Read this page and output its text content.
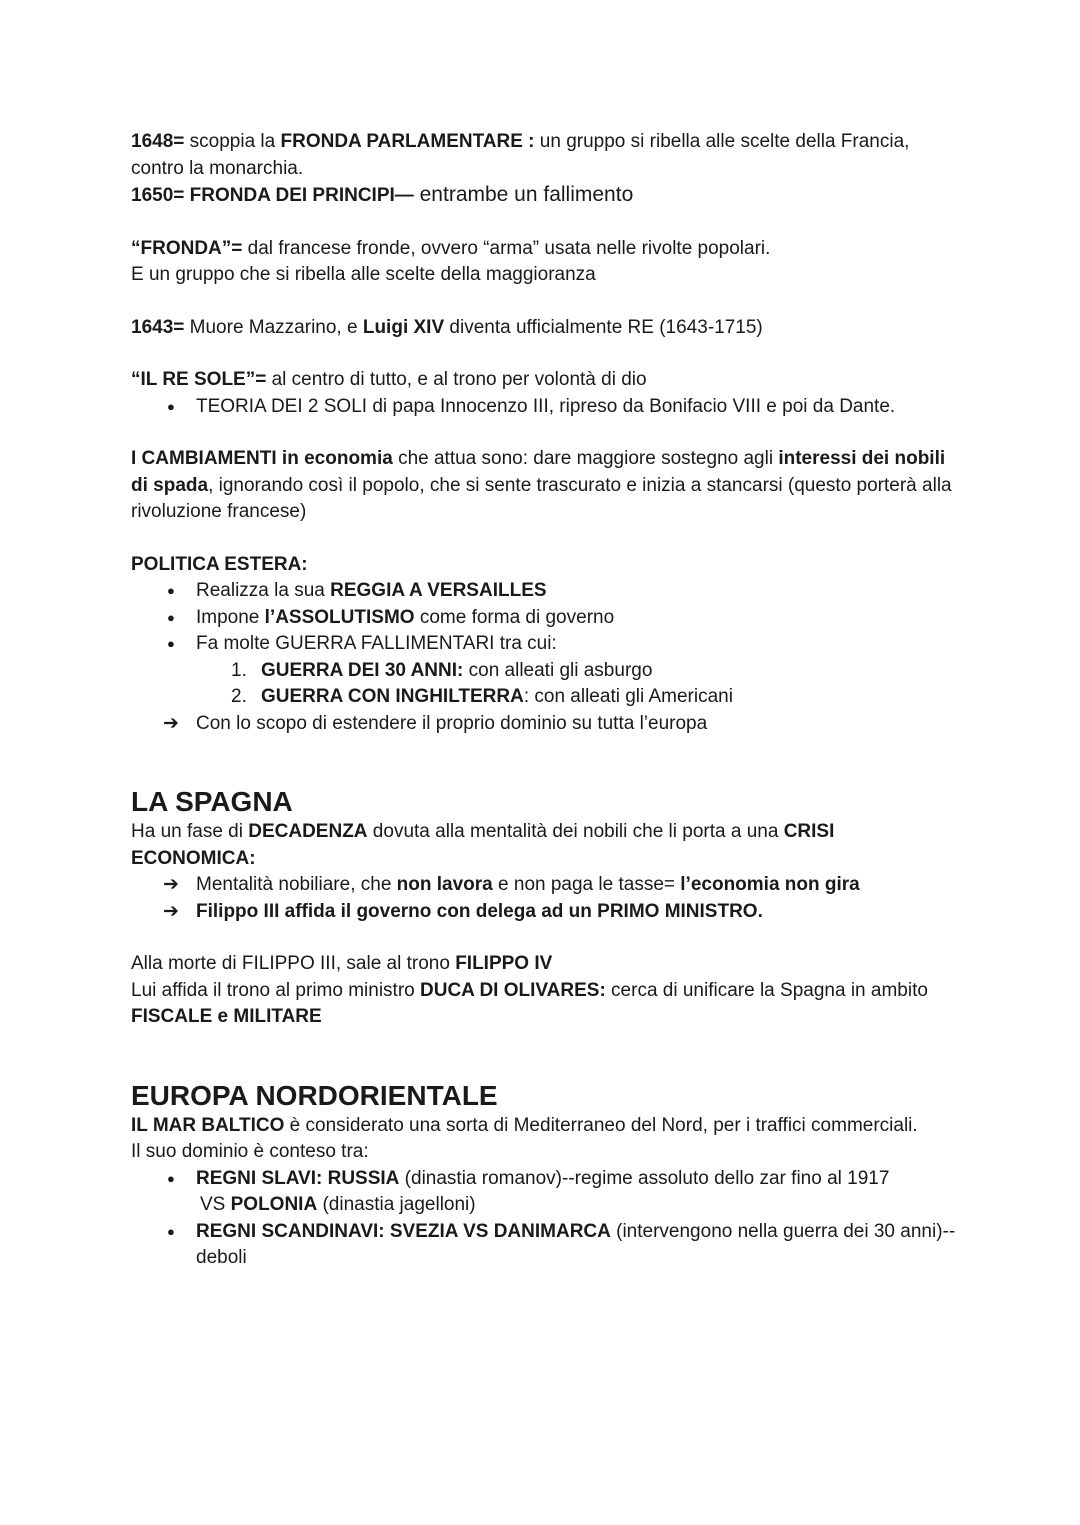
1648= scoppia la FRONDA PARLAMENTARE : un gruppo si ribella alle scelte della Francia,

contro la monarchia.

1650= FRONDA DEI PRINCIPI— entrambe un fallimento

“FRONDA”= dal francese fronde, ovvero “arma” usata nelle rivolte popolari.

E un gruppo che si ribella alle scelte della maggioranza

1643= Muore Mazzarino, e Luigi XIV diventa ufficialmente RE (1643-1715)

“IL RE SOLE”= al centro di tutto, e al trono per volontà di dio

● TEORIA DEI 2 SOLI di papa Innocenzo III, ripreso da Bonifacio VIII e poi da Dante.

I CAMBIAMENTI in economia che attua sono: dare maggiore sostegno agli interessi dei nobili di spada, ignorando così il popolo, che si sente trascurato e inizia a stancarsi (questo porterà alla rivoluzione francese)

POLITICA ESTERA:

● Realizza la sua REGGIA A VERSAILLES
● Impone l’ASSOLUTISMO come forma di governo
● Fa molte GUERRA FALLIMENTARI tra cui:
1. GUERRA DEI 30 ANNI: con alleati gli asburgo
2. GUERRA CON INGHILTERRA: con alleati gli Americani

➔ Con lo scopo di estendere il proprio dominio su tutta l’europa

LA SPAGNA

Ha un fase di DECADENZA dovuta alla mentalità dei nobili che li porta a una CRISI ECONOMICA:

➔ Mentalità nobiliare, che non lavora e non paga le tasse= l’economia non gira

➔ Filippo III affida il governo con delega ad un PRIMO MINISTRO.

Alla morte di FILIPPO III, sale al trono FILIPPO IV

Lui affida il trono al primo ministro DUCA DI OLIVARES: cerca di unificare la Spagna in ambito FISCALE e MILITARE

EUROPA NORDORIENTALE

IL MAR BALTICO è considerato una sorta di Mediterraneo del Nord, per i traffici commerciali.

Il suo dominio è conteso tra:

● REGNI SLAVI: RUSSIA (dinastia romanov)--regime assoluto dello zar fino al 1917
VS POLONIA (dinastia jagelloni)
● REGNI SCANDINAVI: SVEZIA VS DANIMARCA (intervengono nella guerra dei 30 anni)--deboli
